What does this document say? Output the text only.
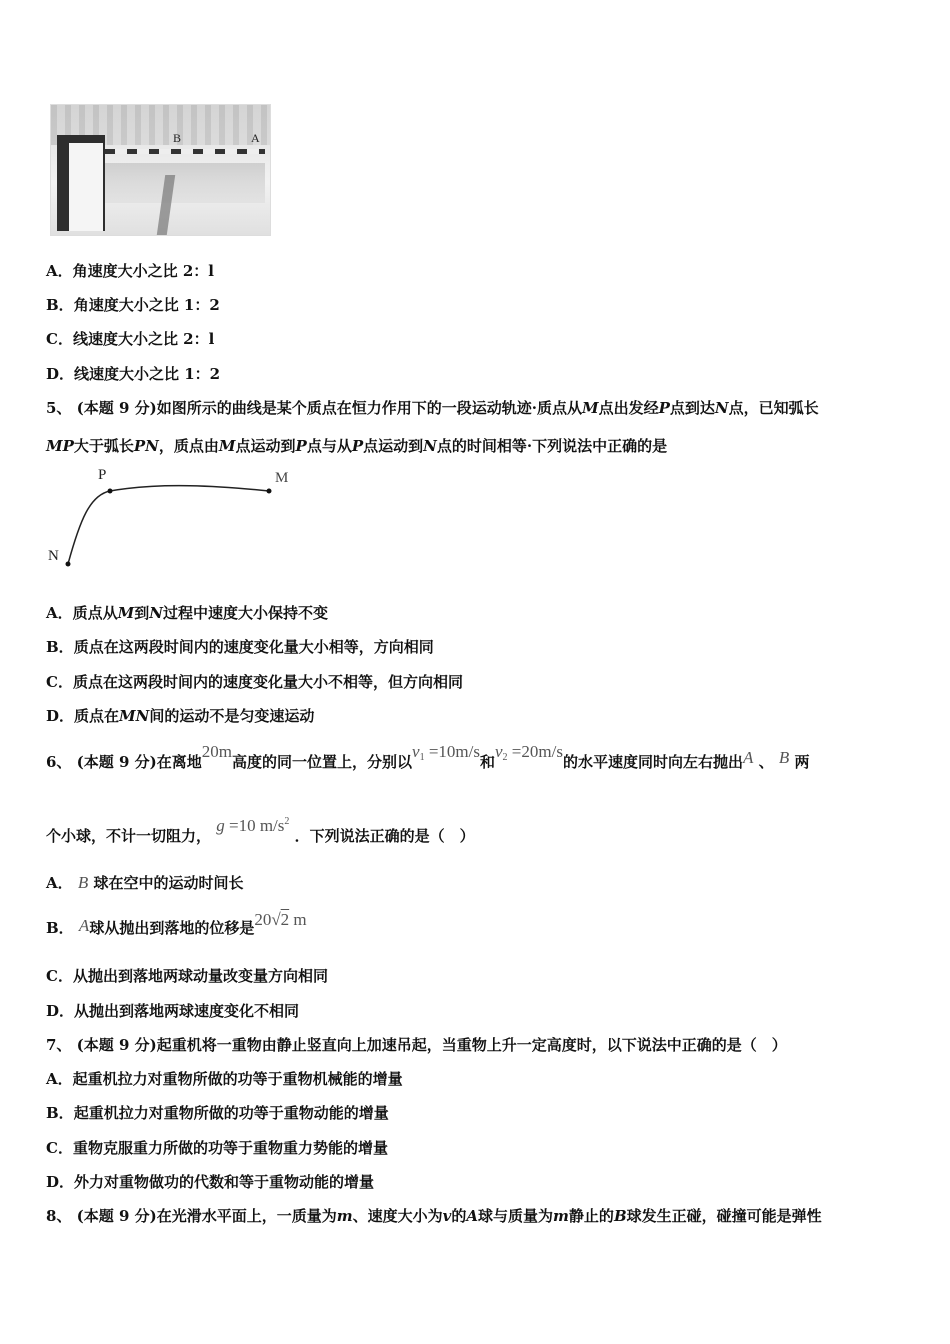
B	A
A．角速度大小之比 2：l
B．角速度大小之比 1：2
C．线速度大小之比 2：l
D．线速度大小之比 1：2
5、 (本题 9 分)如图所示的曲线是某个质点在恒力作用下的一段运动轨迹·质点从M点出发经P点到达N点，已知弧长
MP大于弧长PN，质点由M点运动到P点与从P点运动到N点的时间相等·下列说法中正确的是
P	M
N
A．质点从M到N过程中速度大小保持不变
B．质点在这两段时间内的速度变化量大小相等，方向相同
C．质点在这两段时间内的速度变化量大小不相等，但方向相同
D．质点在MN间的运动不是匀变速运动
6、 (本题 9 分)在离地20m高度的同一位置上，分别以$v_1 =10m/s$和$v_2 =20m/s$的水平速度同时向左右抛出A 、 B 两
个小球，不计一切阻力， g =10 $m/s^2$ ．下列说法正确的是（　）
A． B 球在空中的运动时间长
B． A球从抛出到落地的位移是20√2 m
C．从抛出到落地两球动量改变量方向相同
D．从抛出到落地两球速度变化不相同
7、 (本题 9 分)起重机将一重物由静止竖直向上加速吊起，当重物上升一定高度时，以下说法中正确的是（　）
A．起重机拉力对重物所做的功等于重物机械能的增量
B．起重机拉力对重物所做的功等于重物动能的增量
C．重物克服重力所做的功等于重物重力势能的增量
D．外力对重物做功的代数和等于重物动能的增量
8、 (本题 9 分)在光滑水平面上，一质量为m、速度大小为v的A球与质量为m静止的B球发生正碰，碰撞可能是弹性
